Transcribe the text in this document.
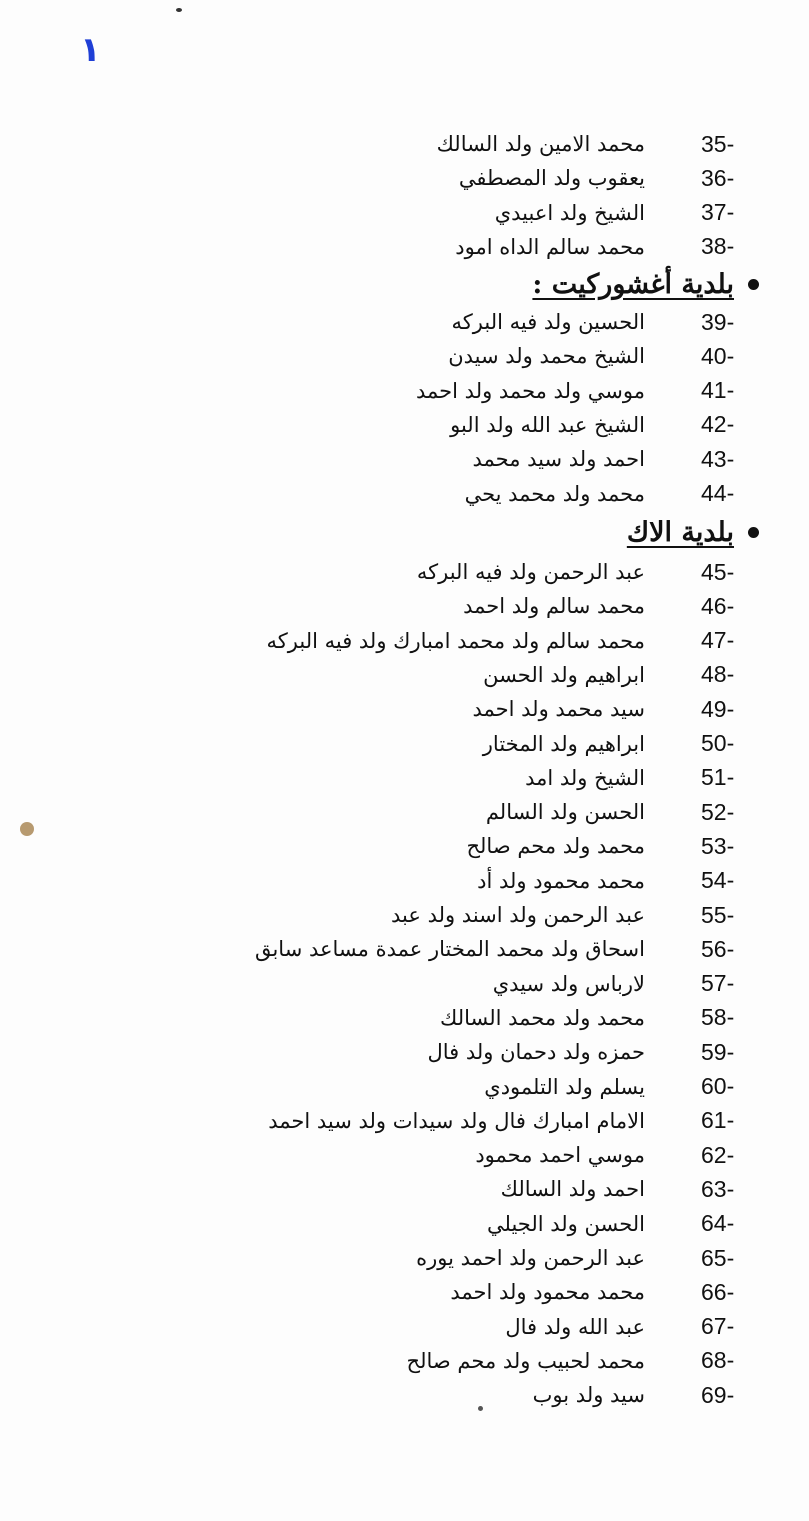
١
محمد الامين ولد السالك 35-
يعقوب ولد المصطفي 36-
الشيخ ولد اعبيدي 37-
محمد سالم الداه امود 38-
بلدية أغشوركيت :
الحسين ولد فيه البركه 39-
الشيخ محمد ولد سيدن 40-
موسي ولد محمد ولد احمد 41-
الشيخ عبد الله ولد البو 42-
احمد ولد سيد محمد 43-
محمد ولد محمد يحي 44-
بلدية الاك
عبد الرحمن ولد فيه البركه 45-
محمد سالم ولد احمد 46-
محمد سالم ولد محمد امبارك ولد فيه البركه 47-
ابراهيم ولد الحسن 48-
سيد محمد ولد احمد 49-
ابراهيم ولد المختار 50-
الشيخ ولد امد 51-
الحسن ولد السالم 52-
محمد ولد محم صالح 53-
محمد محمود ولد أد 54-
عبد الرحمن ولد اسند ولد عبد 55-
اسحاق ولد محمد المختار عمدة مساعد سابق 56-
لارباس ولد سيدي 57-
محمد ولد محمد السالك 58-
حمزه ولد دحمان ولد فال 59-
يسلم ولد التلمودي 60-
الامام امبارك فال ولد سيدات ولد سيد احمد 61-
موسي احمد محمود 62-
احمد ولد السالك 63-
الحسن ولد الجيلي 64-
عبد الرحمن ولد احمد يوره 65-
محمد محمود ولد احمد 66-
عبد الله ولد فال 67-
محمد لحبيب ولد محم صالح 68-
سيد ولد بوب 69-
